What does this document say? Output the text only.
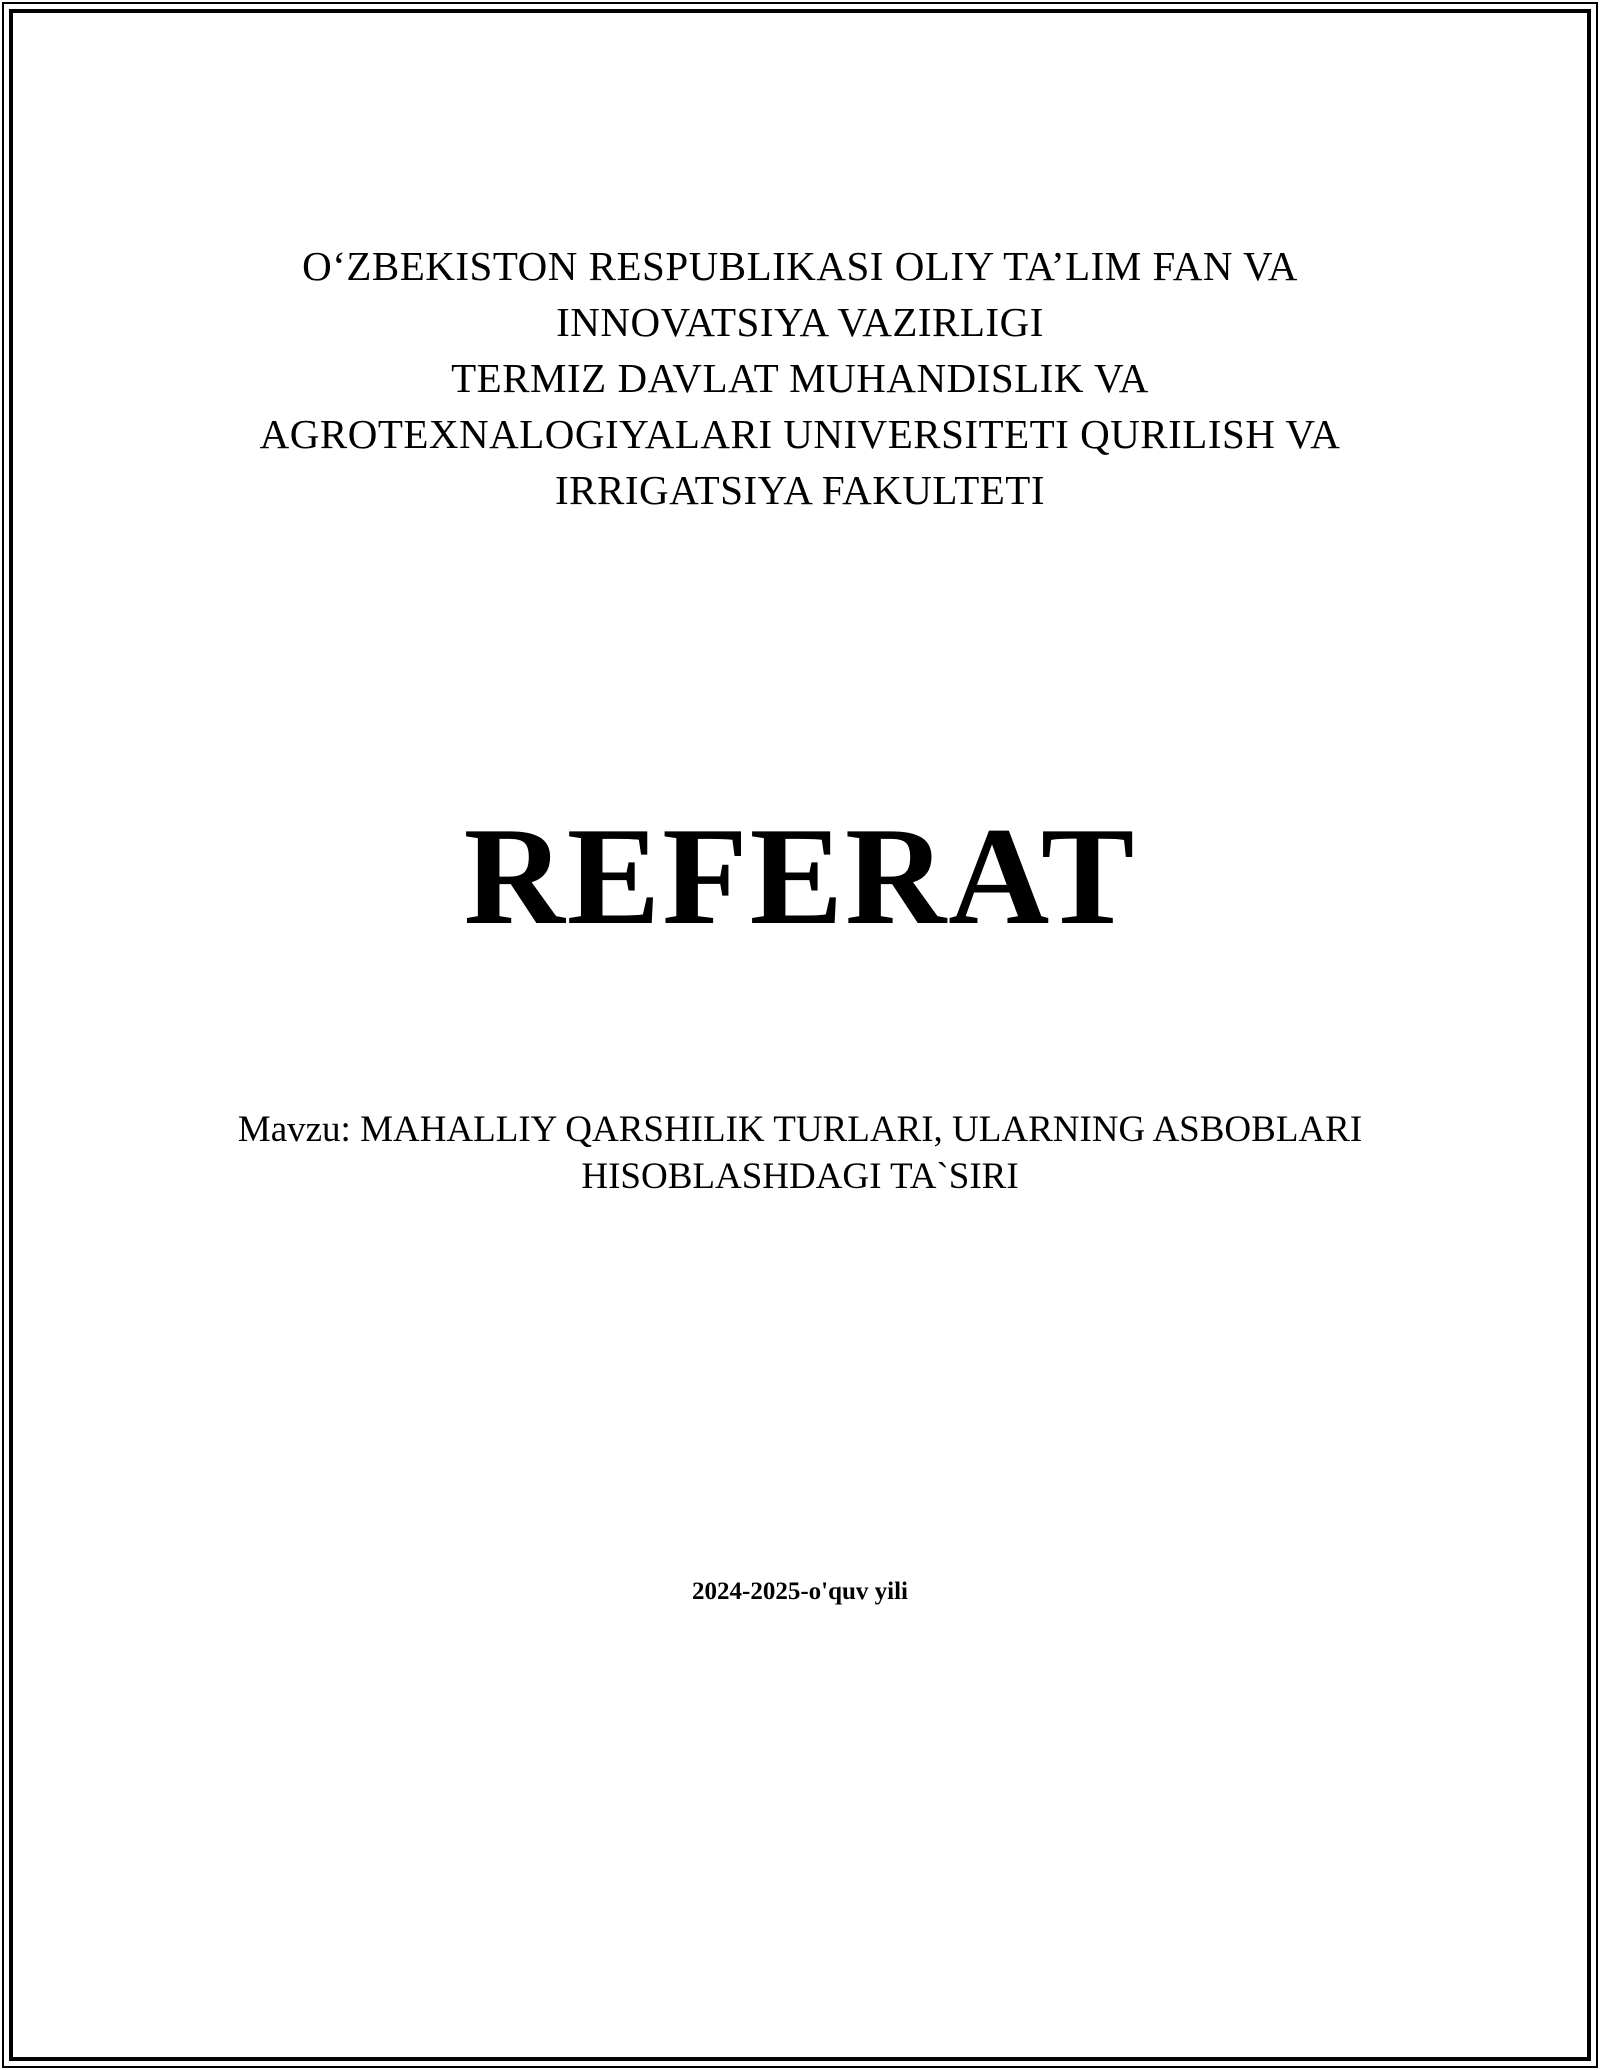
O‘ZBEKISTON RESPUBLIKASI OLIY TA’LIM FAN VA
INNOVATSIYA VAZIRLIGI
TERMIZ DAVLAT MUHANDISLIK VA
AGROTEXNALOGIYALARI UNIVERSITETI QURILISH VA
IRRIGATSIYA FAKULTETI
REFERAT
Mavzu: MAHALLIY QARSHILIK TURLARI, ULARNING ASBOBLARI
HISOBLASHDAGI TA`SIRI
2024-2025-o'quv yili
